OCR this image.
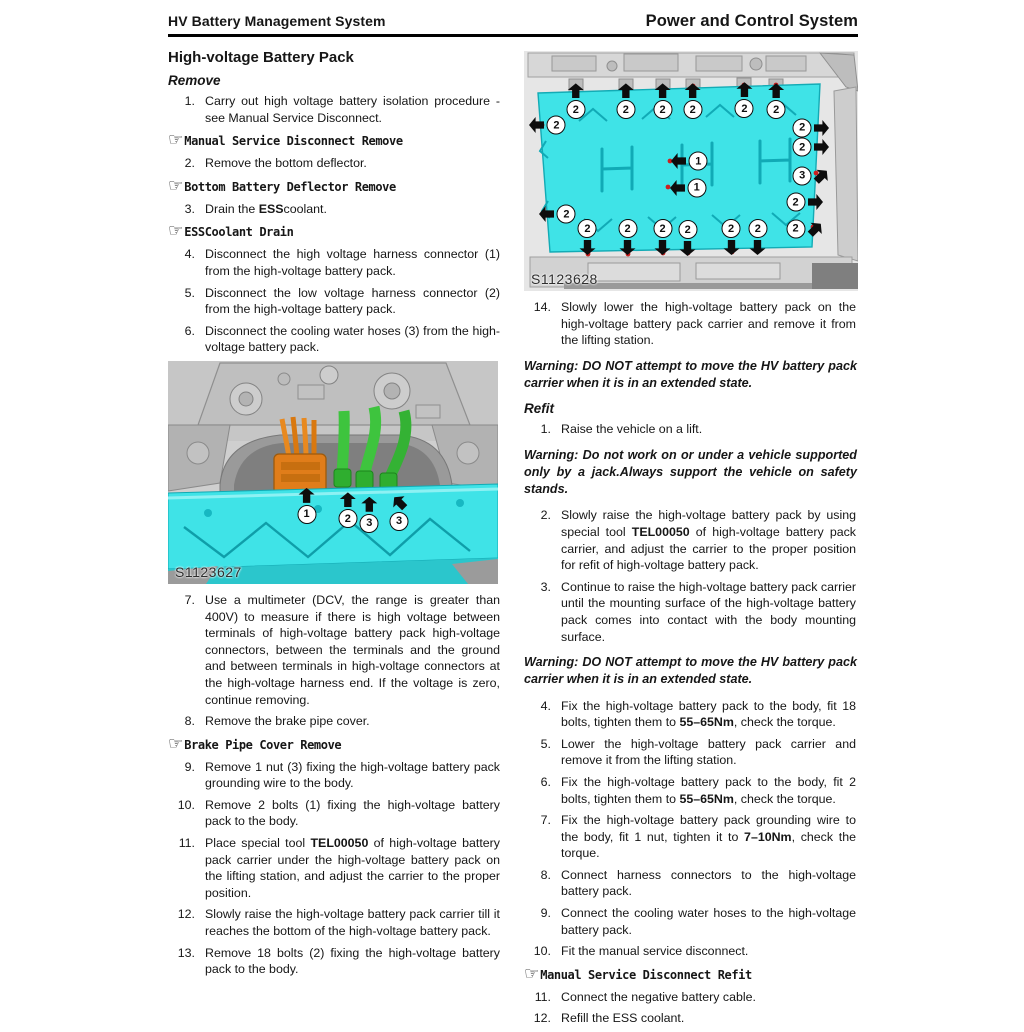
HV Battery Management System	Power and Control System
High-voltage Battery Pack
Remove
1. Carry out high voltage battery isolation procedure - see Manual Service Disconnect.
☞ Manual Service Disconnect Remove
2. Remove the bottom deflector.
☞ Bottom Battery Deflector Remove
3. Drain the ESScoolant.
☞ ESSCoolant Drain
4. Disconnect the high voltage harness connector (1) from the high-voltage battery pack.
5. Disconnect the low voltage harness connector (2) from the high-voltage battery pack.
6. Disconnect the cooling water hoses (3) from the high-voltage battery pack.
S1123627
1	2	3	3
7. Use a multimeter (DCV, the range is greater than 400V) to measure if there is high voltage between terminals of high-voltage battery pack high-voltage connectors, between the terminals and the ground and between terminals in high-voltage connectors at the high-voltage harness end. If the voltage is zero, continue removing.
8. Remove the brake pipe cover.
☞ Brake Pipe Cover Remove
9. Remove 1 nut (3) fixing the high-voltage battery pack grounding wire to the body.
10. Remove 2 bolts (1) fixing the high-voltage battery pack to the body.
11. Place special tool TEL00050 of high-voltage battery pack carrier under the high-voltage battery pack on the lifting station, and adjust the carrier to the proper position.
12. Slowly raise the high-voltage battery pack carrier till it reaches the bottom of the high-voltage battery pack.
13. Remove 18 bolts (2) fixing the high-voltage battery pack to the body.
S1123628
2	2	2	2	2	2
2
1
1
2
2
2
3
2
2
2	2	2	2	2	2
14. Slowly lower the high-voltage battery pack on the high-voltage battery pack carrier and remove it from the lifting station.
Warning: DO NOT attempt to move the HV battery pack carrier when it is in an extended state.
Refit
1. Raise the vehicle on a lift.
Warning: Do not work on or under a vehicle supported only by a jack.Always support the vehicle on safety stands.
2. Slowly raise the high-voltage battery pack by using special tool TEL00050 of high-voltage battery pack carrier, and adjust the carrier to the proper position for refit of high-voltage battery pack.
3. Continue to raise the high-voltage battery pack carrier until the mounting surface of the high-voltage battery pack comes into contact with the body mounting surface.
Warning: DO NOT attempt to move the HV battery pack carrier when it is in an extended state.
4. Fix the high-voltage battery pack to the body, fit 18 bolts, tighten them to 55–65Nm, check the torque.
5. Lower the high-voltage battery pack carrier and remove it from the lifting station.
6. Fix the high-voltage battery pack to the body, fit 2 bolts, tighten them to 55–65Nm, check the torque.
7. Fix the high-voltage battery pack grounding wire to the body, fit 1 nut, tighten it to 7–10Nm, check the torque.
8. Connect harness connectors to the high-voltage battery pack.
9. Connect the cooling water hoses to the high-voltage battery pack.
10. Fit the manual service disconnect.
☞ Manual Service Disconnect Refit
11. Connect the negative battery cable.
12. Refill the ESS coolant.
